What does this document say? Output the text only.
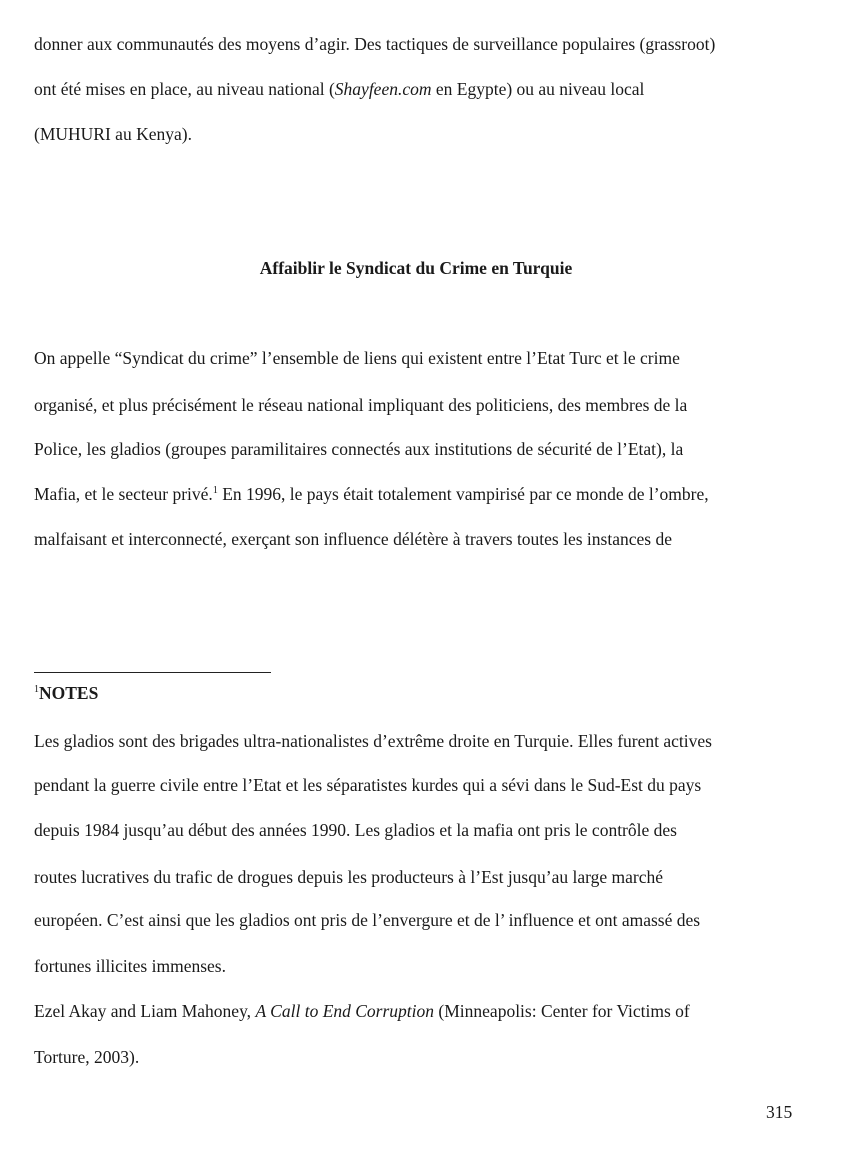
donner aux communautés des moyens d’agir. Des tactiques de surveillance populaires (grassroot)
ont été mises en place, au niveau national (Shayfeen.com en Egypte) ou au niveau local
(MUHURI au Kenya).
Affaiblir le Syndicat du Crime en Turquie
On appelle “Syndicat du crime” l’ensemble de liens qui existent entre l’Etat Turc et le crime
organisé, et plus précisément le réseau national impliquant des politiciens, des membres de la
Police, les gladios (groupes paramilitaires connectés aux institutions de sécurité de l’Etat), la
Mafia, et le secteur privé.$^1$ En 1996, le pays était totalement vampirisé par ce monde de l’ombre,
malfaisant et interconnecté, exerçant son influence délétère à travers toutes les instances de
$^1$NOTES
Les gladios sont des brigades ultra-nationalistes d’extrême droite en Turquie. Elles furent actives
pendant la guerre civile entre l’Etat et les séparatistes kurdes qui a sévi dans le Sud-Est du pays
depuis 1984 jusqu’au début des années 1990. Les gladios et la mafia ont pris le contrôle des
routes lucratives du trafic de drogues depuis les producteurs à l’Est jusqu’au large marché
européen. C’est ainsi que les gladios ont pris de l’envergure et de l’ influence et ont amassé des
fortunes illicites immenses.
Ezel Akay and Liam Mahoney, A Call to End Corruption (Minneapolis: Center for Victims of
Torture, 2003).
315
